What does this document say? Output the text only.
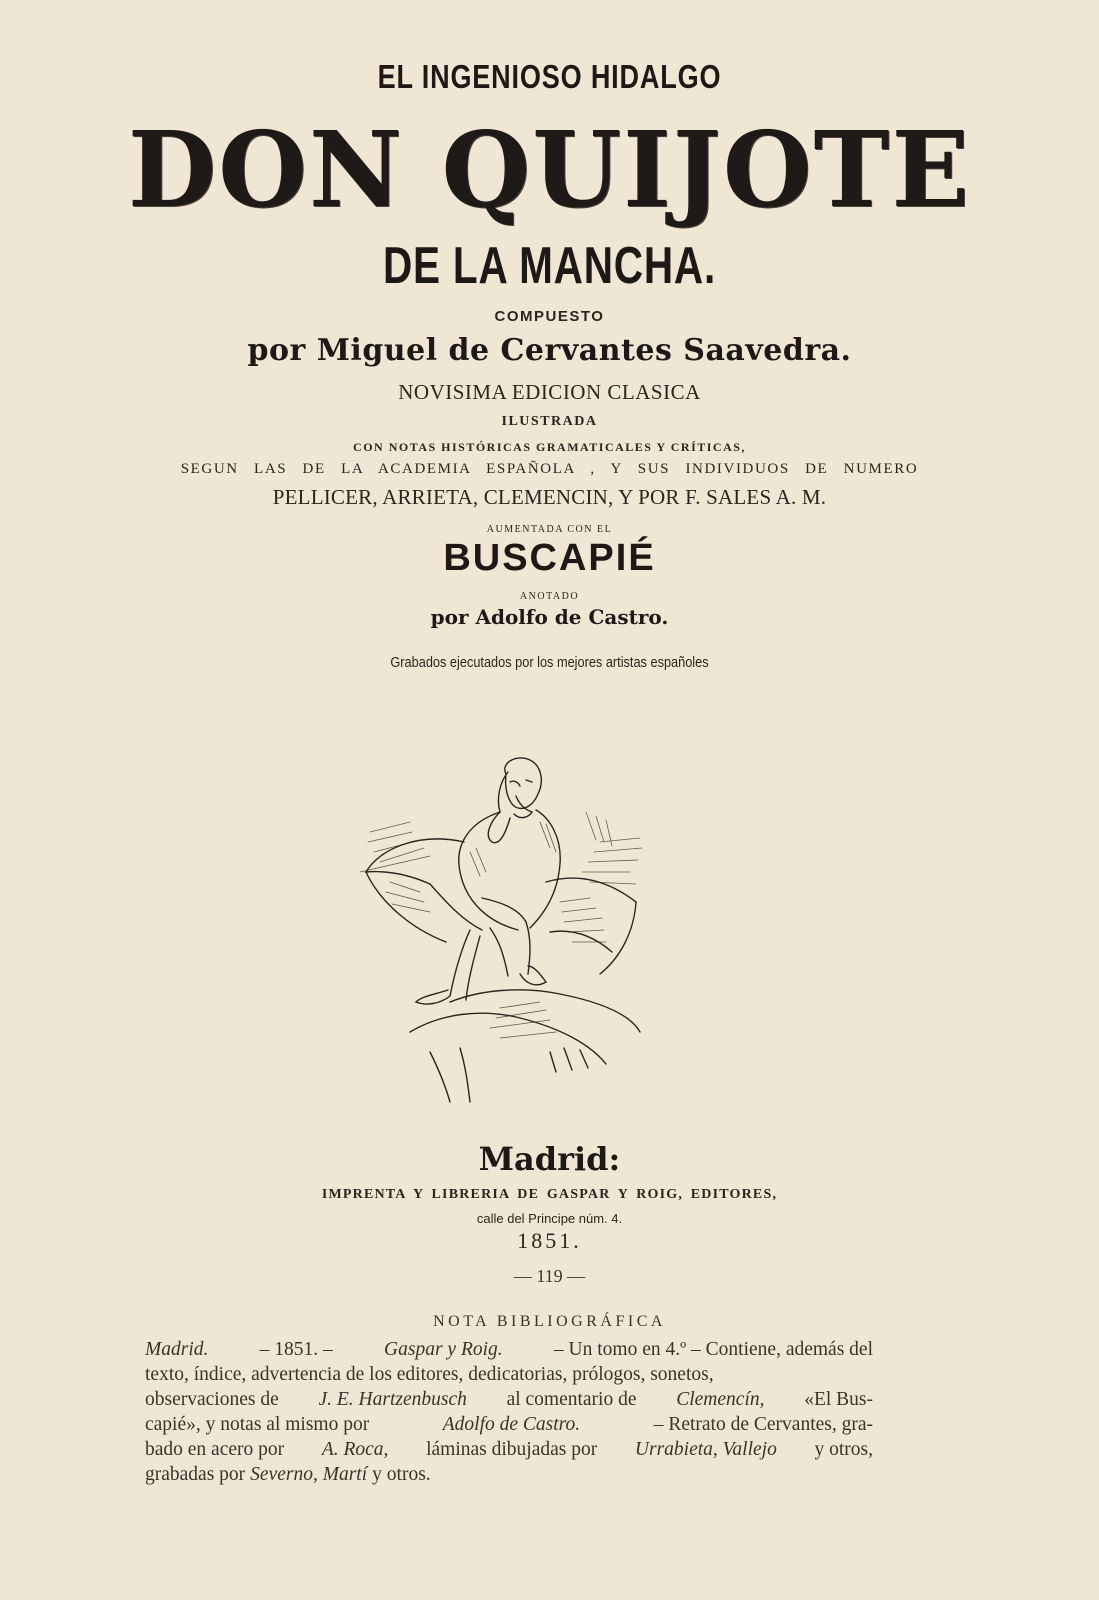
EL INGENIOSO HIDALGO
DON QUIJOTE
DE LA MANCHA.
COMPUESTO
por Miguel de Cervantes Saavedra.
NOVISIMA EDICION CLASICA
ILUSTRADA
CON NOTAS HISTÓRICAS GRAMATICALES Y CRÍTICAS,
SEGUN LAS DE LA ACADEMIA ESPAÑOLA , Y SUS INDIVIDUOS DE NUMERO
PELLICER, ARRIETA, CLEMENCIN, Y POR F. SALES A. M.
AUMENTADA CON EL
BUSCAPIÉ
ANOTADO
por Adolfo de Castro.
Grabados ejecutados por los mejores artistas españoles
Madrid:
IMPRENTA Y LIBRERIA DE GASPAR Y ROIG, EDITORES,
calle del Principe núm. 4.
1851.
— 119 —
NOTA BIBLIOGRÁFICA
Madrid.	– 1851. –	Gaspar y Roig.	– Un tomo en 4.º – Contiene, además del
texto, índice, advertencia de los editores, dedicatorias, prólogos, sonetos,
observaciones de J. E. Hartzenbusch al comentario de Clemencín, «El Bus-
capié», y notas al mismo por	Adolfo de Castro.	– Retrato de Cervantes, gra-
bado en acero por A. Roca, láminas dibujadas por Urrabieta, Vallejo y otros,
grabadas por Severno, Martí y otros.
